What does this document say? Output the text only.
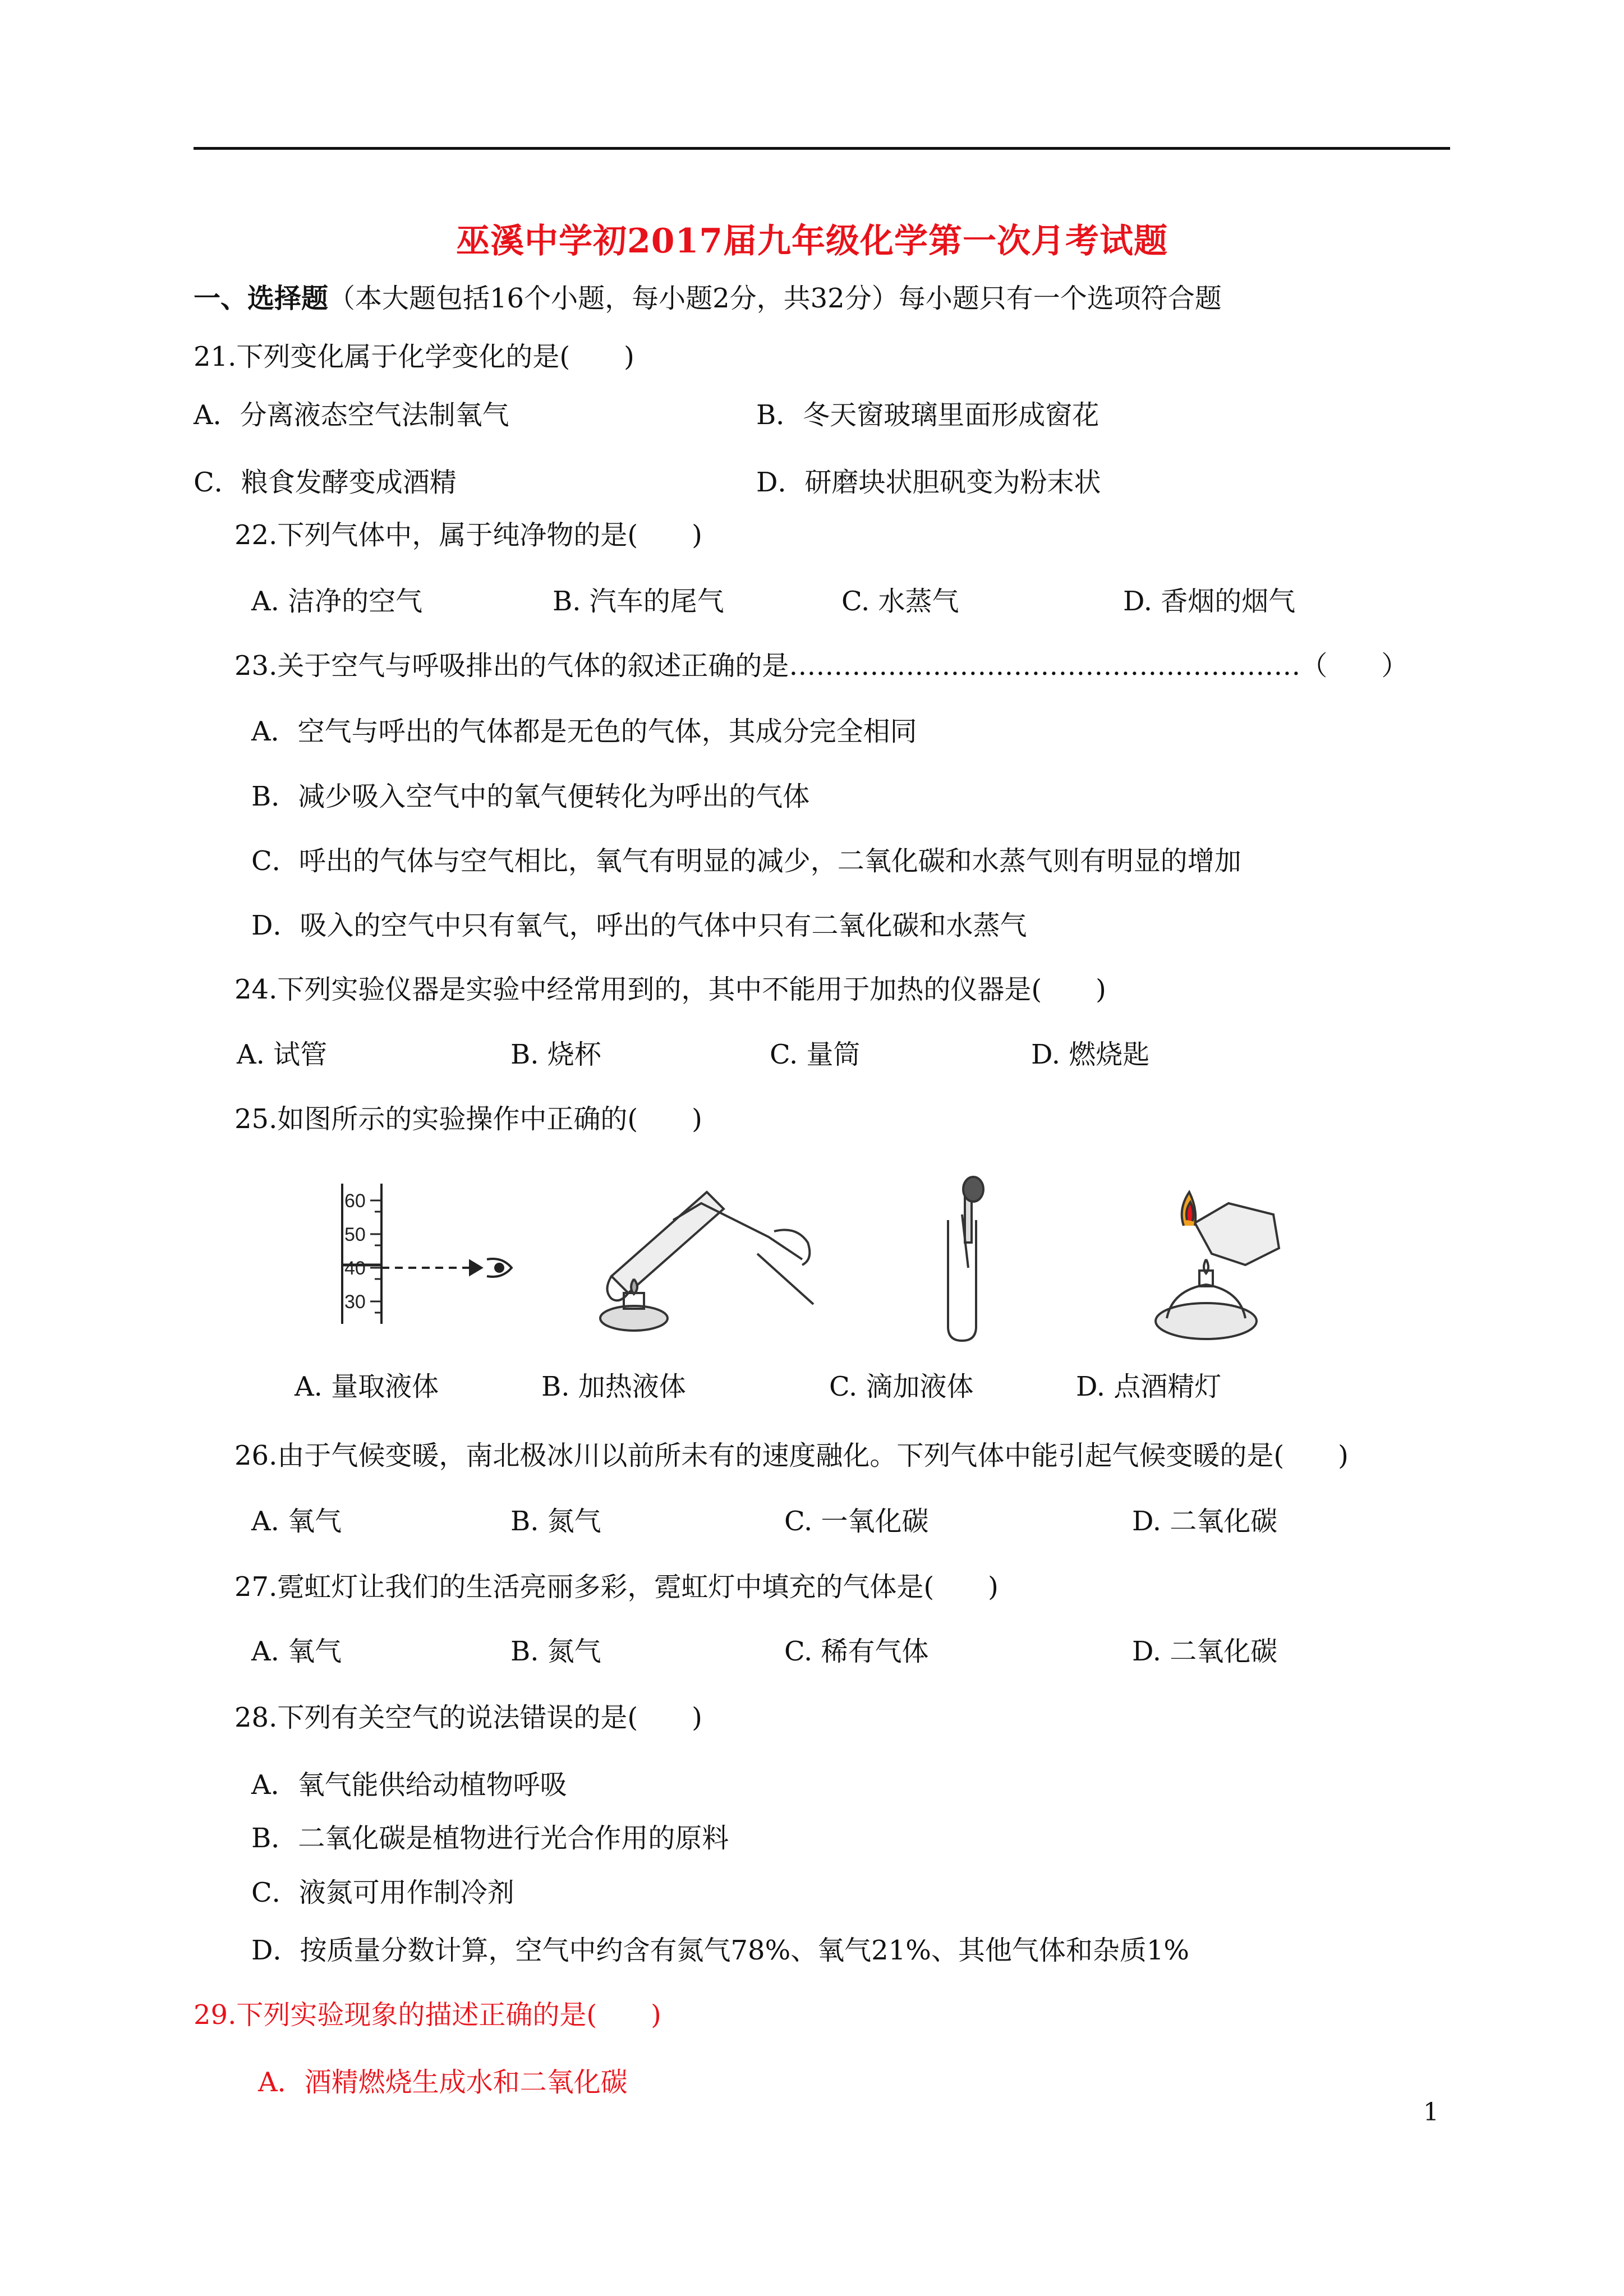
巫溪中学初2017届九年级化学第一次月考试题
一、选择题（本大题包括16个小题，每小题2分，共32分）每小题只有一个选项符合题
21.下列变化属于化学变化的是(　　)
A．分离液态空气法制氧气	B．冬天窗玻璃里面形成窗花
C．粮食发酵变成酒精	D．研磨块状胆矾变为粉末状
22.下列气体中，属于纯净物的是(　　)
A. 洁净的空气	B. 汽车的尾气	C. 水蒸气	D. 香烟的烟气
23.关于空气与呼吸排出的气体的叙述正确的是…………………………………………………（　　）
A．空气与呼出的气体都是无色的气体，其成分完全相同
B．减少吸入空气中的氧气便转化为呼出的气体
C．呼出的气体与空气相比，氧气有明显的减少，二氧化碳和水蒸气则有明显的增加
D．吸入的空气中只有氧气，呼出的气体中只有二氧化碳和水蒸气
24.下列实验仪器是实验中经常用到的，其中不能用于加热的仪器是(　　)
A. 试管	B. 烧杯	C. 量筒	D. 燃烧匙
25.如图所示的实验操作中正确的(　　)
60
50
40
30
A. 量取液体	B. 加热液体	C. 滴加液体	D. 点酒精灯
26.由于气候变暖，南北极冰川以前所未有的速度融化。下列气体中能引起气候变暖的是(　　)
A. 氧气	B. 氮气	C. 一氧化碳	D. 二氧化碳
27.霓虹灯让我们的生活亮丽多彩，霓虹灯中填充的气体是(　　)
A. 氧气	B. 氮气	C. 稀有气体	D. 二氧化碳
28.下列有关空气的说法错误的是(　　)
A．氧气能供给动植物呼吸
B．二氧化碳是植物进行光合作用的原料
C．液氮可用作制冷剂
D．按质量分数计算，空气中约含有氮气78%、氧气21%、其他气体和杂质1%
29.下列实验现象的描述正确的是(　　)
A．酒精燃烧生成水和二氧化碳
1
